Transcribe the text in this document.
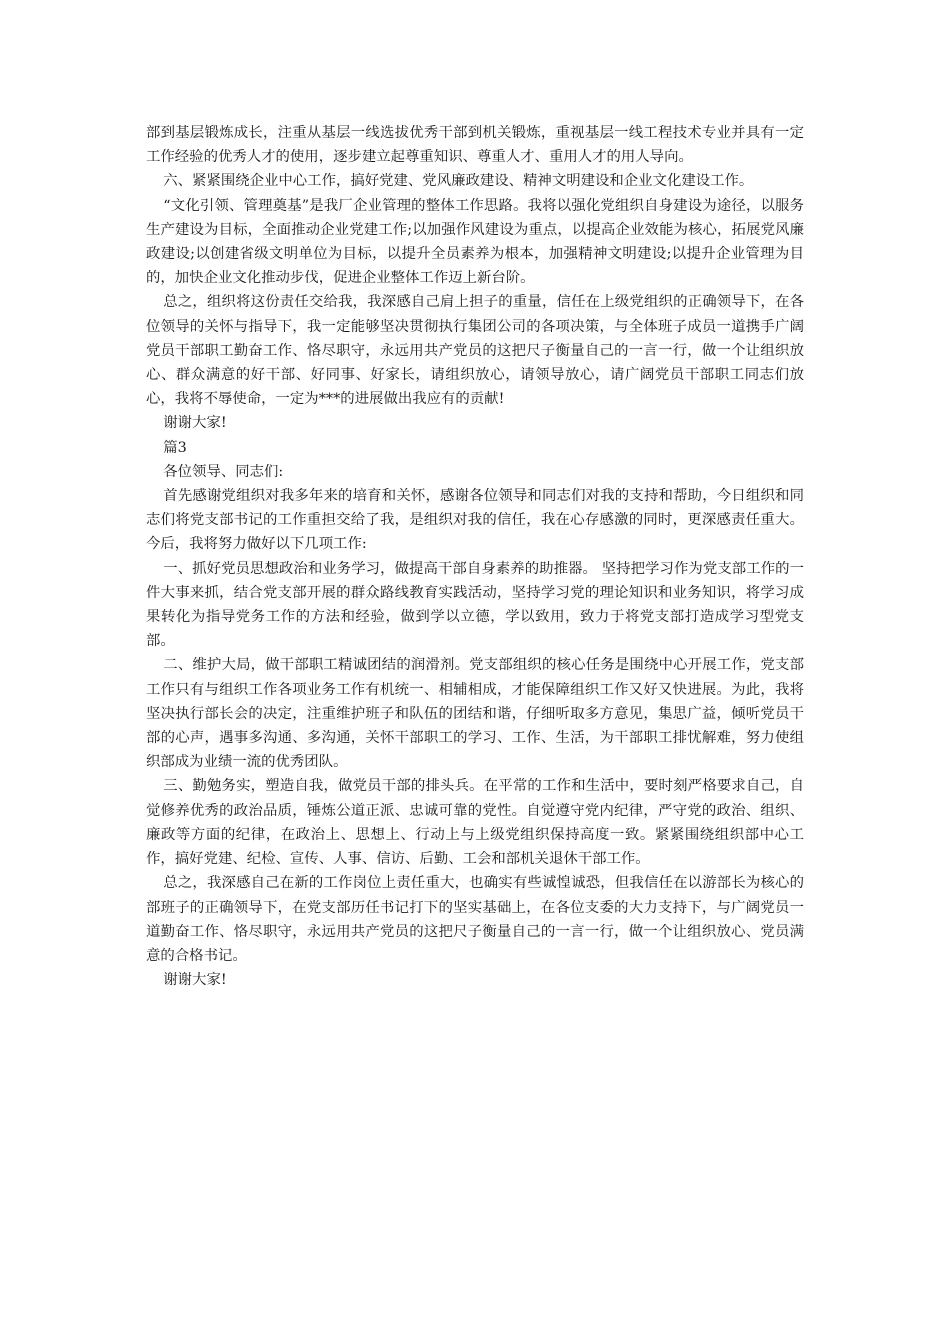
部到基层锻炼成长，注重从基层一线选拔优秀干部到机关锻炼，重视基层一线工程技术专业并具有一定工作经验的优秀人才的使用，逐步建立起尊重知识、尊重人才、重用人才的用人导向。

六、紧紧围绕企业中心工作，搞好党建、党风廉政建设、精神文明建设和企业文化建设工作。

“文化引领、管理奠基”是我厂企业管理的整体工作思路。我将以强化党组织自身建设为途径，以服务生产建设为目标，全面推动企业党建工作;以加强作风建设为重点，以提高企业效能为核心，拓展党风廉政建设;以创建省级文明单位为目标，以提升全员素养为根本，加强精神文明建设;以提升企业管理为目的，加快企业文化推动步伐，促进企业整体工作迈上新台阶。

总之，组织将这份责任交给我，我深感自己肩上担子的重量，信任在上级党组织的正确领导下，在各位领导的关怀与指导下，我一定能够坚决贯彻执行集团公司的各项决策，与全体班子成员一道携手广阔党员干部职工勤奋工作、恪尽职守，永远用共产党员的这把尺子衡量自己的一言一行，做一个让组织放心、群众满意的好干部、好同事、好家长，请组织放心，请领导放心，请广阔党员干部职工同志们放心，我将不辱使命，一定为***的进展做出我应有的贡献!

谢谢大家!

篇3

各位领导、同志们:

首先感谢党组织对我多年来的培育和关怀，感谢各位领导和同志们对我的支持和帮助，今日组织和同志们将党支部书记的工作重担交给了我，是组织对我的信任，我在心存感激的同时，更深感责任重大。今后，我将努力做好以下几项工作:

一、抓好党员思想政治和业务学习，做提高干部自身素养的助推器。 坚持把学习作为党支部工作的一件大事来抓，结合党支部开展的群众路线教育实践活动，坚持学习党的理论知识和业务知识，将学习成果转化为指导党务工作的方法和经验，做到学以立德，学以致用，致力于将党支部打造成学习型党支部。

二、维护大局，做干部职工精诚团结的润滑剂。党支部组织的核心任务是围绕中心开展工作，党支部工作只有与组织工作各项业务工作有机统一、相辅相成，才能保障组织工作又好又快进展。为此，我将坚决执行部长会的决定，注重维护班子和队伍的团结和谐，仔细听取多方意见，集思广益，倾听党员干部的心声，遇事多沟通、多沟通，关怀干部职工的学习、工作、生活，为干部职工排忧解难，努力使组织部成为业绩一流的优秀团队。

三、勤勉务实，塑造自我，做党员干部的排头兵。在平常的工作和生活中，要时刻严格要求自己，自觉修养优秀的政治品质，锤炼公道正派、忠诚可靠的党性。自觉遵守党内纪律，严守党的政治、组织、廉政等方面的纪律，在政治上、思想上、行动上与上级党组织保持高度一致。紧紧围绕组织部中心工作，搞好党建、纪检、宣传、人事、信访、后勤、工会和部机关退休干部工作。

总之，我深感自己在新的工作岗位上责任重大，也确实有些诚惶诚恐，但我信任在以游部长为核心的部班子的正确领导下，在党支部历任书记打下的坚实基础上，在各位支委的大力支持下，与广阔党员一道勤奋工作、恪尽职守，永远用共产党员的这把尺子衡量自己的一言一行，做一个让组织放心、党员满意的合格书记。

谢谢大家!
